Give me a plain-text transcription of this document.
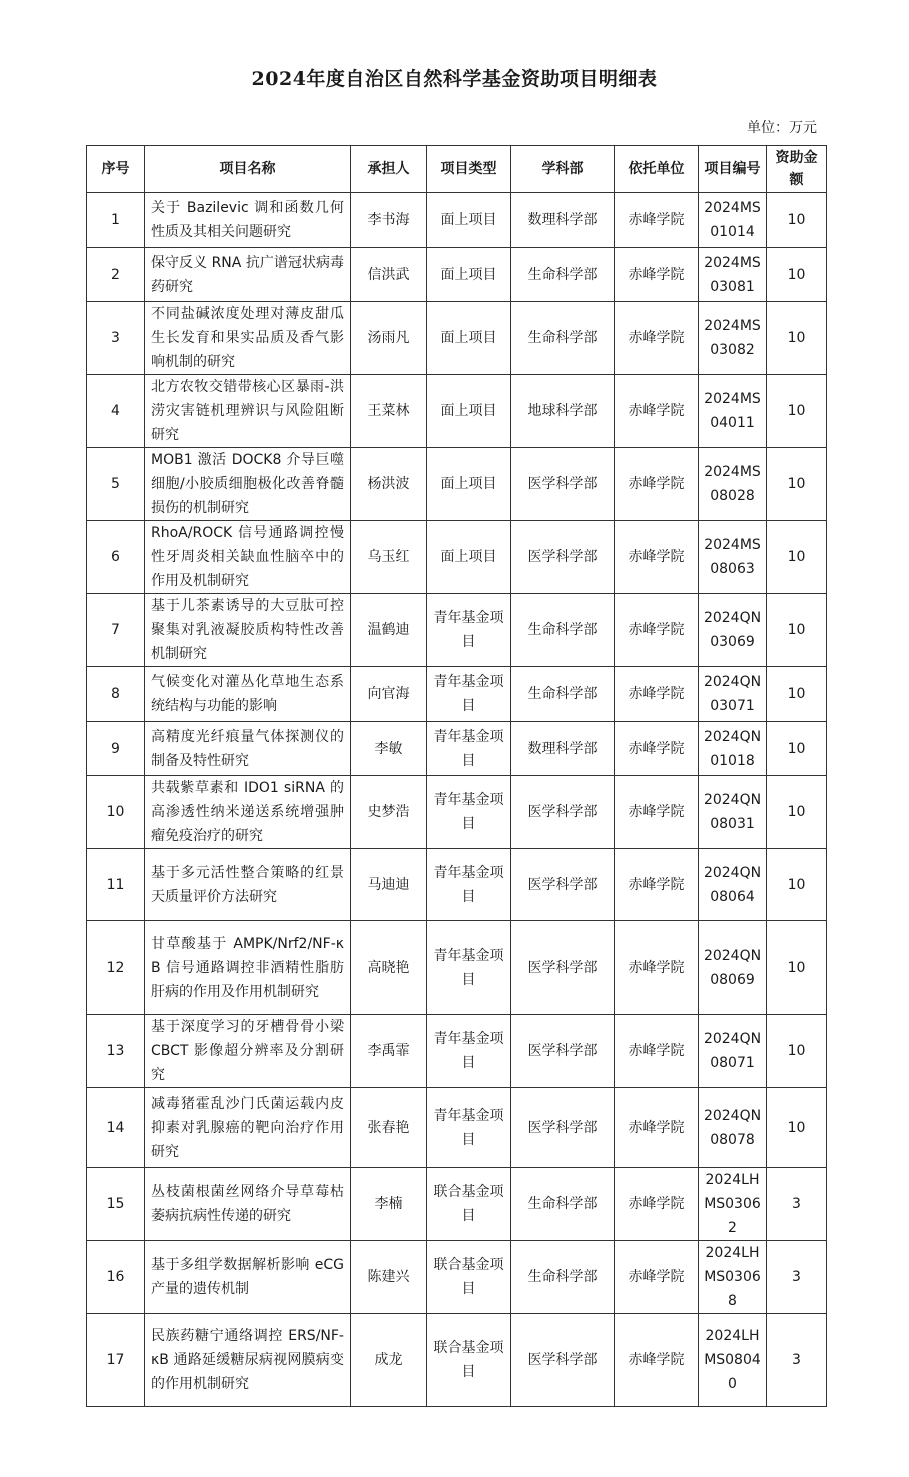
2024年度自治区自然科学基金资助项目明细表
单位：万元
序号	项目名称	承担人	项目类型	学科部	依托单位	项目编号	资助金额
1	关于 Bazilevic 调和函数几何性质及其相关问题研究	李书海	面上项目	数理科学部	赤峰学院	2024MS01014	10
2	保守反义 RNA 抗广谱冠状病毒药研究	信洪武	面上项目	生命科学部	赤峰学院	2024MS03081	10
3	不同盐碱浓度处理对薄皮甜瓜生长发育和果实品质及香气影响机制的研究	汤雨凡	面上项目	生命科学部	赤峰学院	2024MS03082	10
4	北方农牧交错带核心区暴雨-洪涝灾害链机理辨识与风险阻断研究	王菜林	面上项目	地球科学部	赤峰学院	2024MS04011	10
5	MOB1 激活 DOCK8 介导巨噬细胞/小胶质细胞极化改善脊髓损伤的机制研究	杨洪波	面上项目	医学科学部	赤峰学院	2024MS08028	10
6	RhoA/ROCK 信号通路调控慢性牙周炎相关缺血性脑卒中的作用及机制研究	乌玉红	面上项目	医学科学部	赤峰学院	2024MS08063	10
7	基于儿茶素诱导的大豆肽可控聚集对乳液凝胶质构特性改善机制研究	温鹤迪	青年基金项目	生命科学部	赤峰学院	2024QN03069	10
8	气候变化对灌丛化草地生态系统结构与功能的影响	向官海	青年基金项目	生命科学部	赤峰学院	2024QN03071	10
9	高精度光纤痕量气体探测仪的制备及特性研究	李敏	青年基金项目	数理科学部	赤峰学院	2024QN01018	10
10	共载紫草素和 IDO1 siRNA 的高渗透性纳米递送系统增强肿瘤免疫治疗的研究	史梦浩	青年基金项目	医学科学部	赤峰学院	2024QN08031	10
11	基于多元活性整合策略的红景天质量评价方法研究	马迪迪	青年基金项目	医学科学部	赤峰学院	2024QN08064	10
12	甘草酸基于 AMPK/Nrf2/NF-κB 信号通路调控非酒精性脂肪肝病的作用及作用机制研究	高晓艳	青年基金项目	医学科学部	赤峰学院	2024QN08069	10
13	基于深度学习的牙槽骨骨小梁 CBCT 影像超分辨率及分割研究	李禹霏	青年基金项目	医学科学部	赤峰学院	2024QN08071	10
14	减毒猪霍乱沙门氏菌运载内皮抑素对乳腺癌的靶向治疗作用研究	张春艳	青年基金项目	医学科学部	赤峰学院	2024QN08078	10
15	丛枝菌根菌丝网络介导草莓枯萎病抗病性传递的研究	李楠	联合基金项目	生命科学部	赤峰学院	2024LHMS03062	3
16	基于多组学数据解析影响 eCG 产量的遗传机制	陈建兴	联合基金项目	生命科学部	赤峰学院	2024LHMS03068	3
17	民族药糖宁通络调控 ERS/NF-κB 通路延缓糖尿病视网膜病变的作用机制研究	成龙	联合基金项目	医学科学部	赤峰学院	2024LHMS08040	3
